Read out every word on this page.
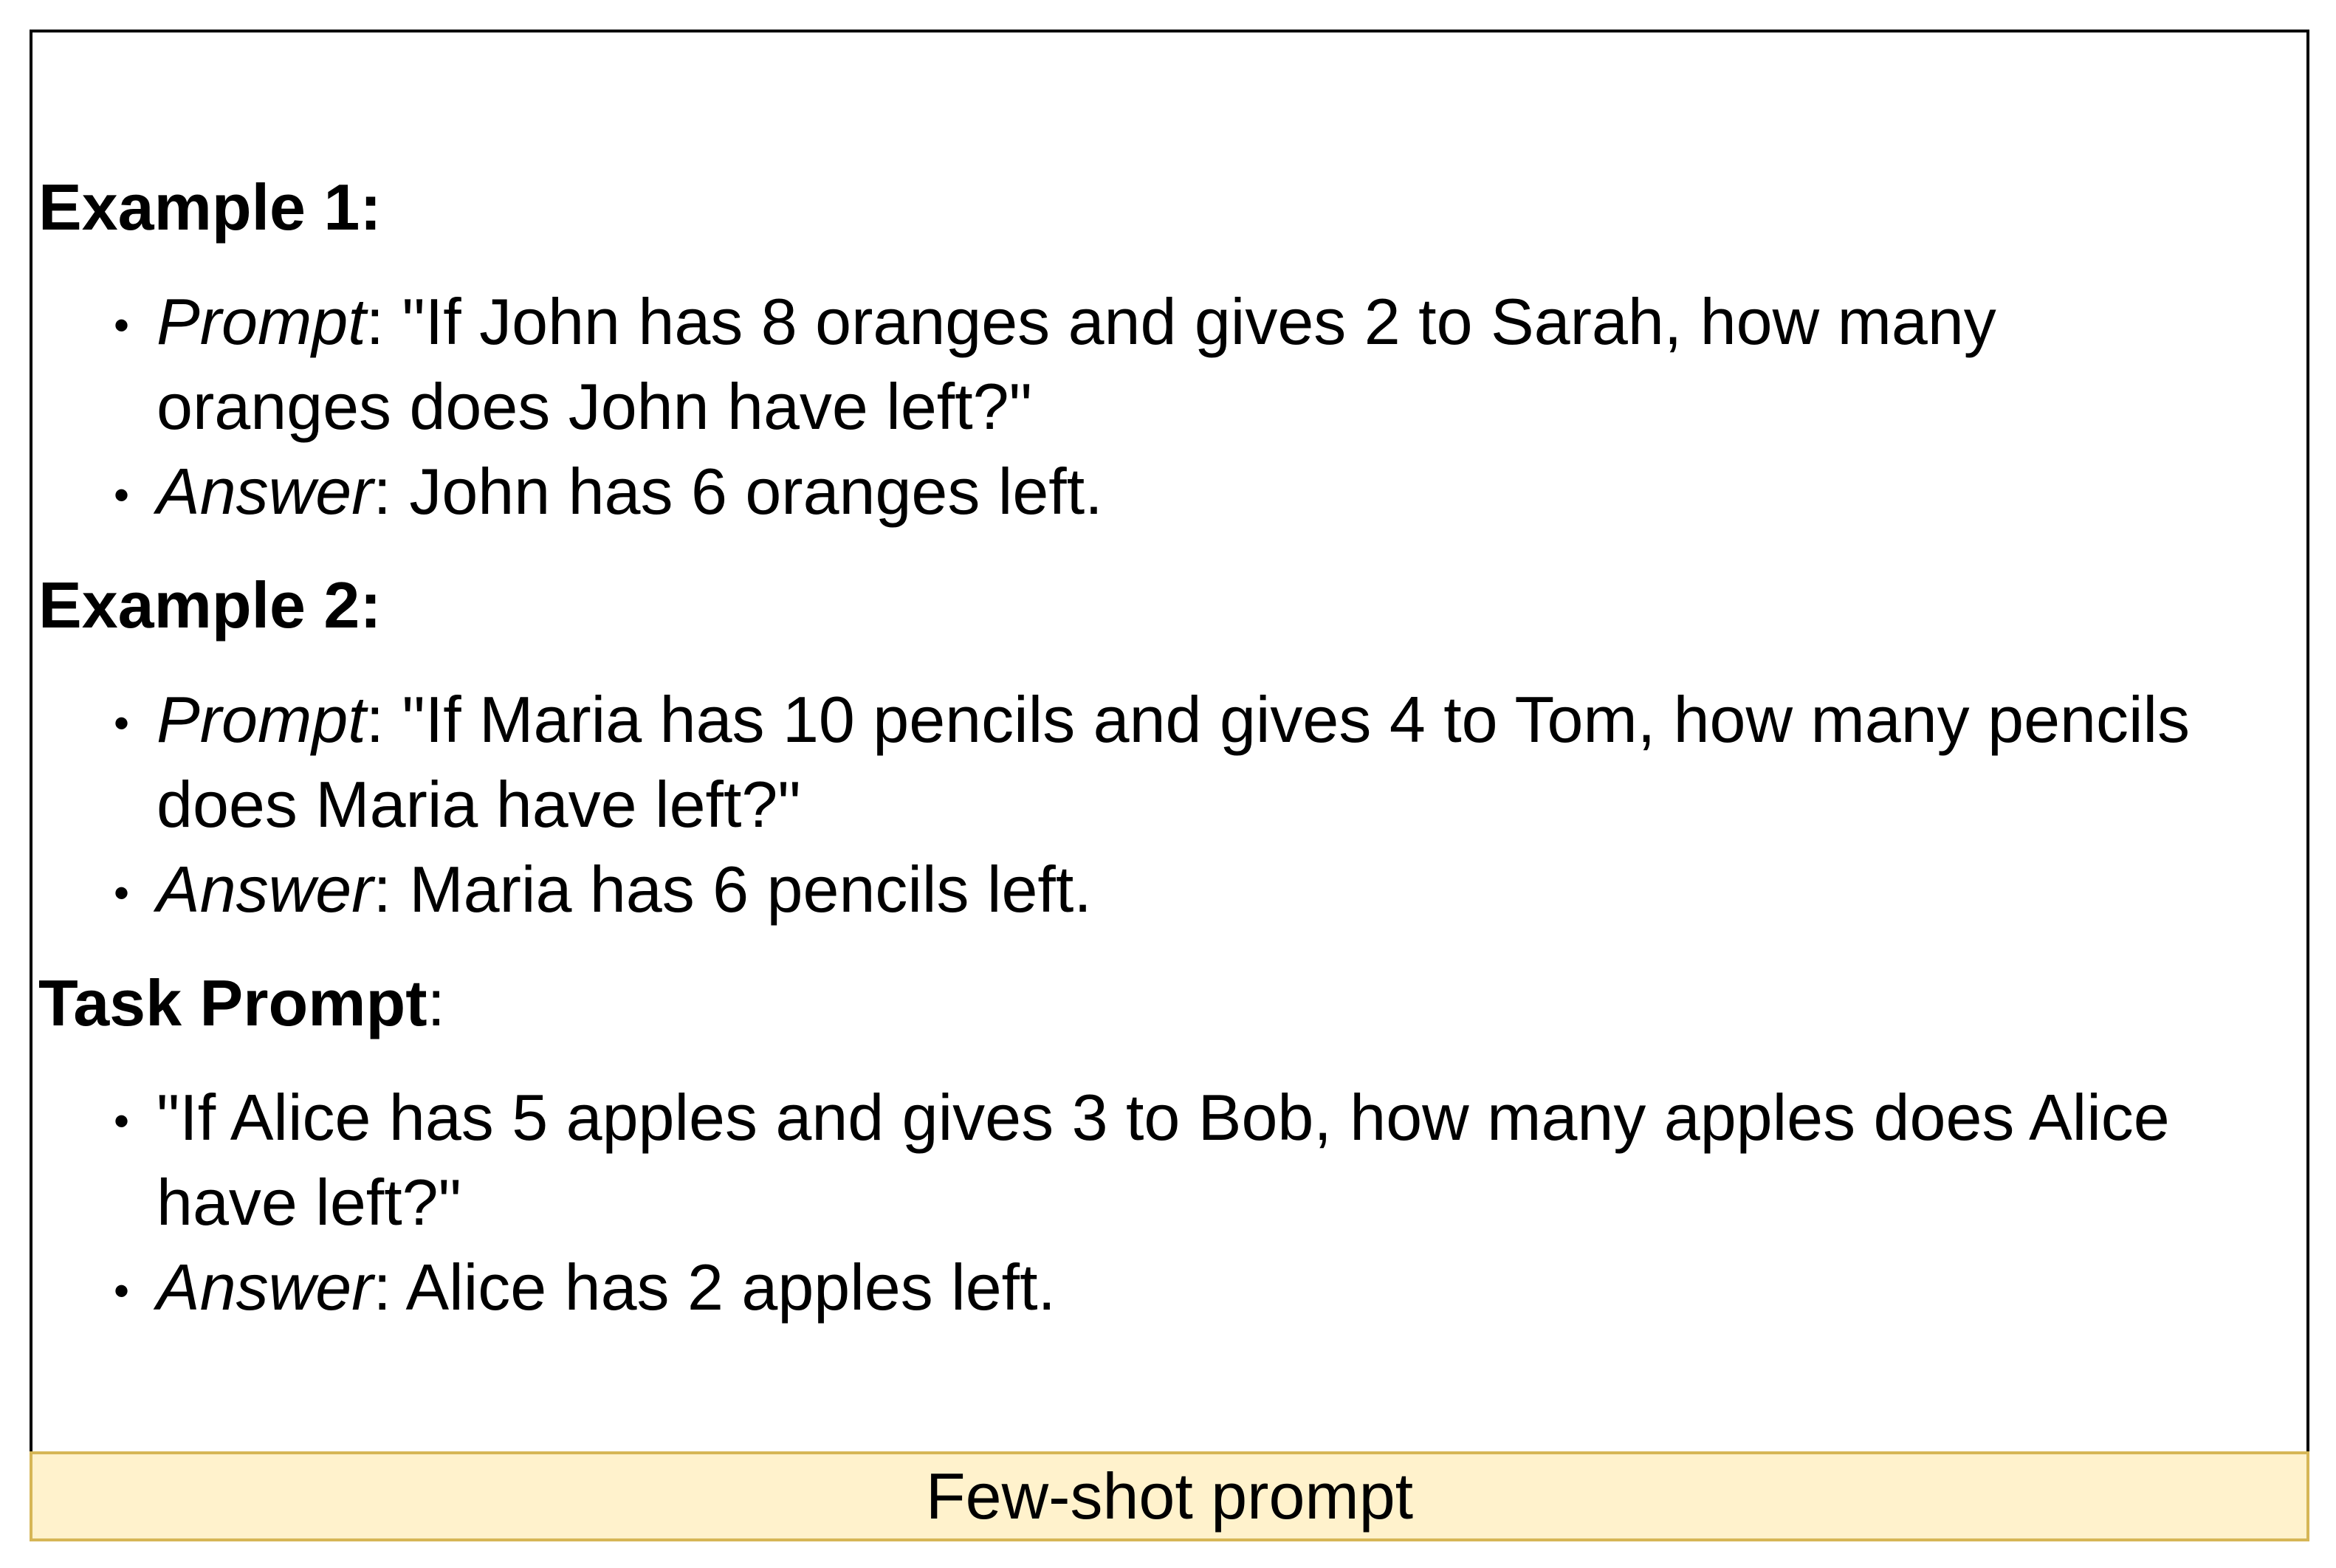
Example 1:

• Prompt: "If John has 8 oranges and gives 2 to Sarah, how many oranges does John have left?"
• Answer: John has 6 oranges left.

Example 2:

• Prompt: "If Maria has 10 pencils and gives 4 to Tom, how many pencils does Maria have left?"
• Answer: Maria has 6 pencils left.

Task Prompt:

• "If Alice has 5 apples and gives 3 to Bob, how many apples does Alice have left?"
• Answer: Alice has 2 apples left.
Few-shot prompt
